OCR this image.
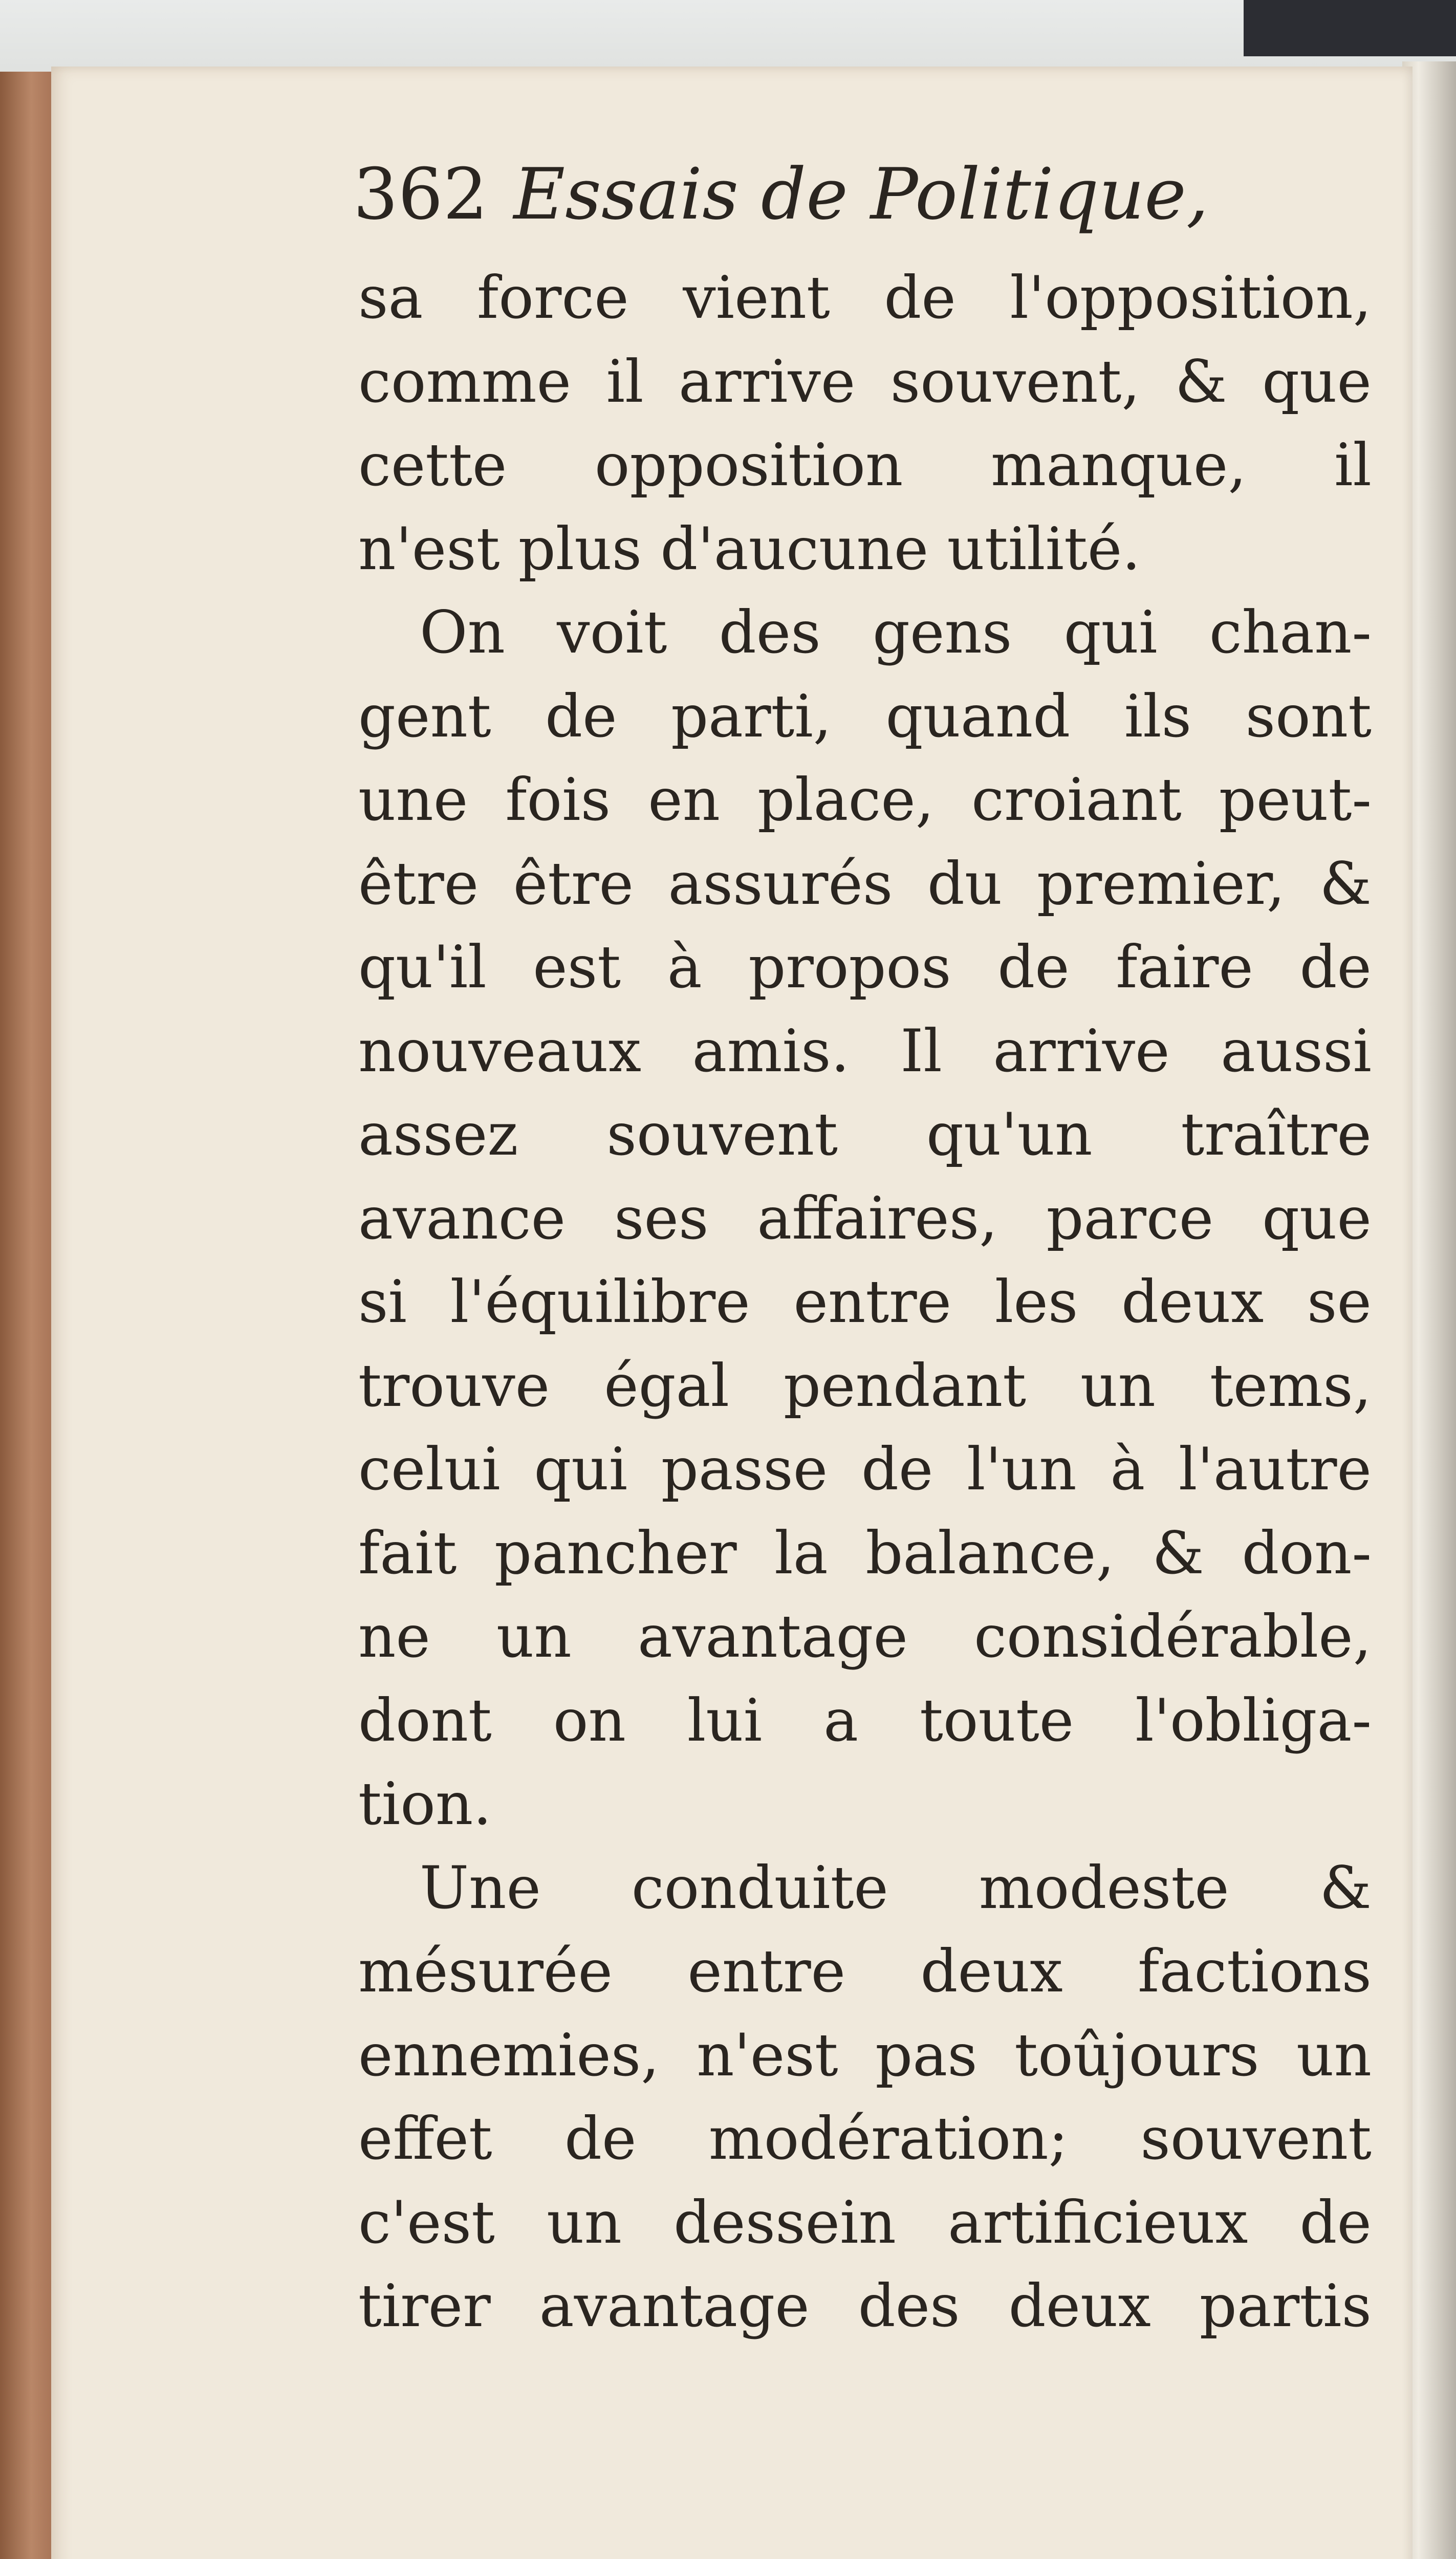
362 Essais de Politique,
sa force vient de l'opposition,
comme il arrive souvent, & que
cette opposition manque, il
n'est plus d'aucune utilité.
On voit des gens qui chan-
gent de parti, quand ils sont
une fois en place, croiant peut-
être être assurés du premier, &
qu'il est à propos de faire de
nouveaux amis. Il arrive aussi
assez souvent qu'un traître
avance ses affaires, parce que
si l'équilibre entre les deux se
trouve égal pendant un tems,
celui qui passe de l'un à l'autre
fait pancher la balance, & don-
ne un avantage considérable,
dont on lui a toute l'obliga-
tion.
Une conduite modeste &
mésurée entre deux factions
ennemies, n'est pas toûjours un
effet de modération; souvent
c'est un dessein artificieux de
tirer avantage des deux partis
